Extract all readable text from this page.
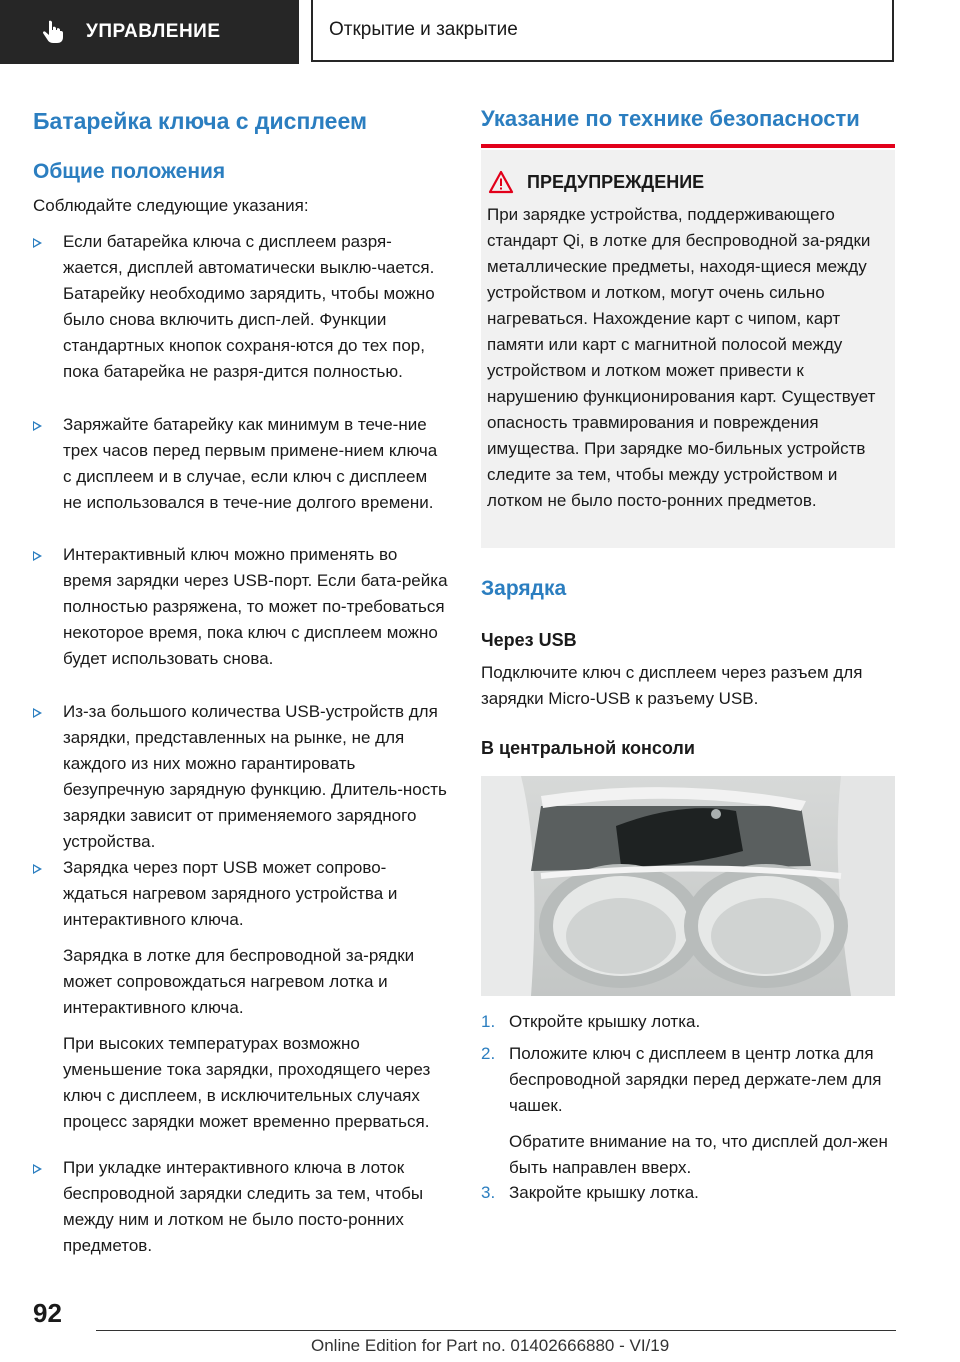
УПРАВЛЕНИЕ	Открытие и закрытие
Батарейка ключа с дисплеем
Общие положения

Соблюдайте следующие указания:

Если батарейка ключа с дисплеем разря-жается, дисплей автоматически выклю-чается. Батарейку необходимо зарядить, чтобы можно было снова включить дисп-лей. Функции стандартных кнопок сохраня-ются до тех пор, пока батарейка не разря-дится полностью.
Заряжайте батарейку как минимум в тече-ние трех часов перед первым примене-нием ключа с дисплеем и в случае, если ключ с дисплеем не использовался в тече-ние долгого времени.
Интерактивный ключ можно применять во время зарядки через USB-порт. Если бата-рейка полностью разряжена, то может по-требоваться некоторое время, пока ключ с дисплеем можно будет использовать снова.
Из-за большого количества USB-устройств для зарядки, представленных на рынке, не для каждого из них можно гарантировать безупречную зарядную функцию. Длитель-ность зарядки зависит от применяемого зарядного устройства.
Зарядка через порт USB может сопрово-ждаться нагревом зарядного устройства и интерактивного ключа.
Зарядка в лотке для беспроводной за-рядки может сопровождаться нагревом лотка и интерактивного ключа.
При высоких температурах возможно уменьшение тока зарядки, проходящего через ключ с дисплеем, в исключительных случаях процесс зарядки может временно прерваться.
При укладке интерактивного ключа в лоток беспроводной зарядки следить за тем, чтобы между ним и лотком не было посто-ронних предметов.
Указание по технике безопасности
ПРЕДУПРЕЖДЕНИЕ
При зарядке устройства, поддерживающего стандарт Qi, в лотке для беспроводной за-рядки металлические предметы, находя-щиеся между устройством и лотком, могут очень сильно нагреваться. Нахождение карт с чипом, карт памяти или карт с магнитной полосой между устройством и лотком может привести к нарушению функционирования карт. Существует опасность травмирования и повреждения имущества. При зарядке мо-бильных устройств следите за тем, чтобы между устройством и лотком не было посто-ронних предметов.
Зарядка
Через USB

Подключите ключ с дисплеем через разъем для зарядки Micro-USB к разъему USB.

В центральной консоли
1. Откройте крышку лотка.
2. Положите ключ с дисплеем в центр лотка для беспроводной зарядки перед держате-лем для чашек.
Обратите внимание на то, что дисплей дол-жен быть направлен вверх.
3. Закройте крышку лотка.
92
Online Edition for Part no. 01402666880 - VI/19
